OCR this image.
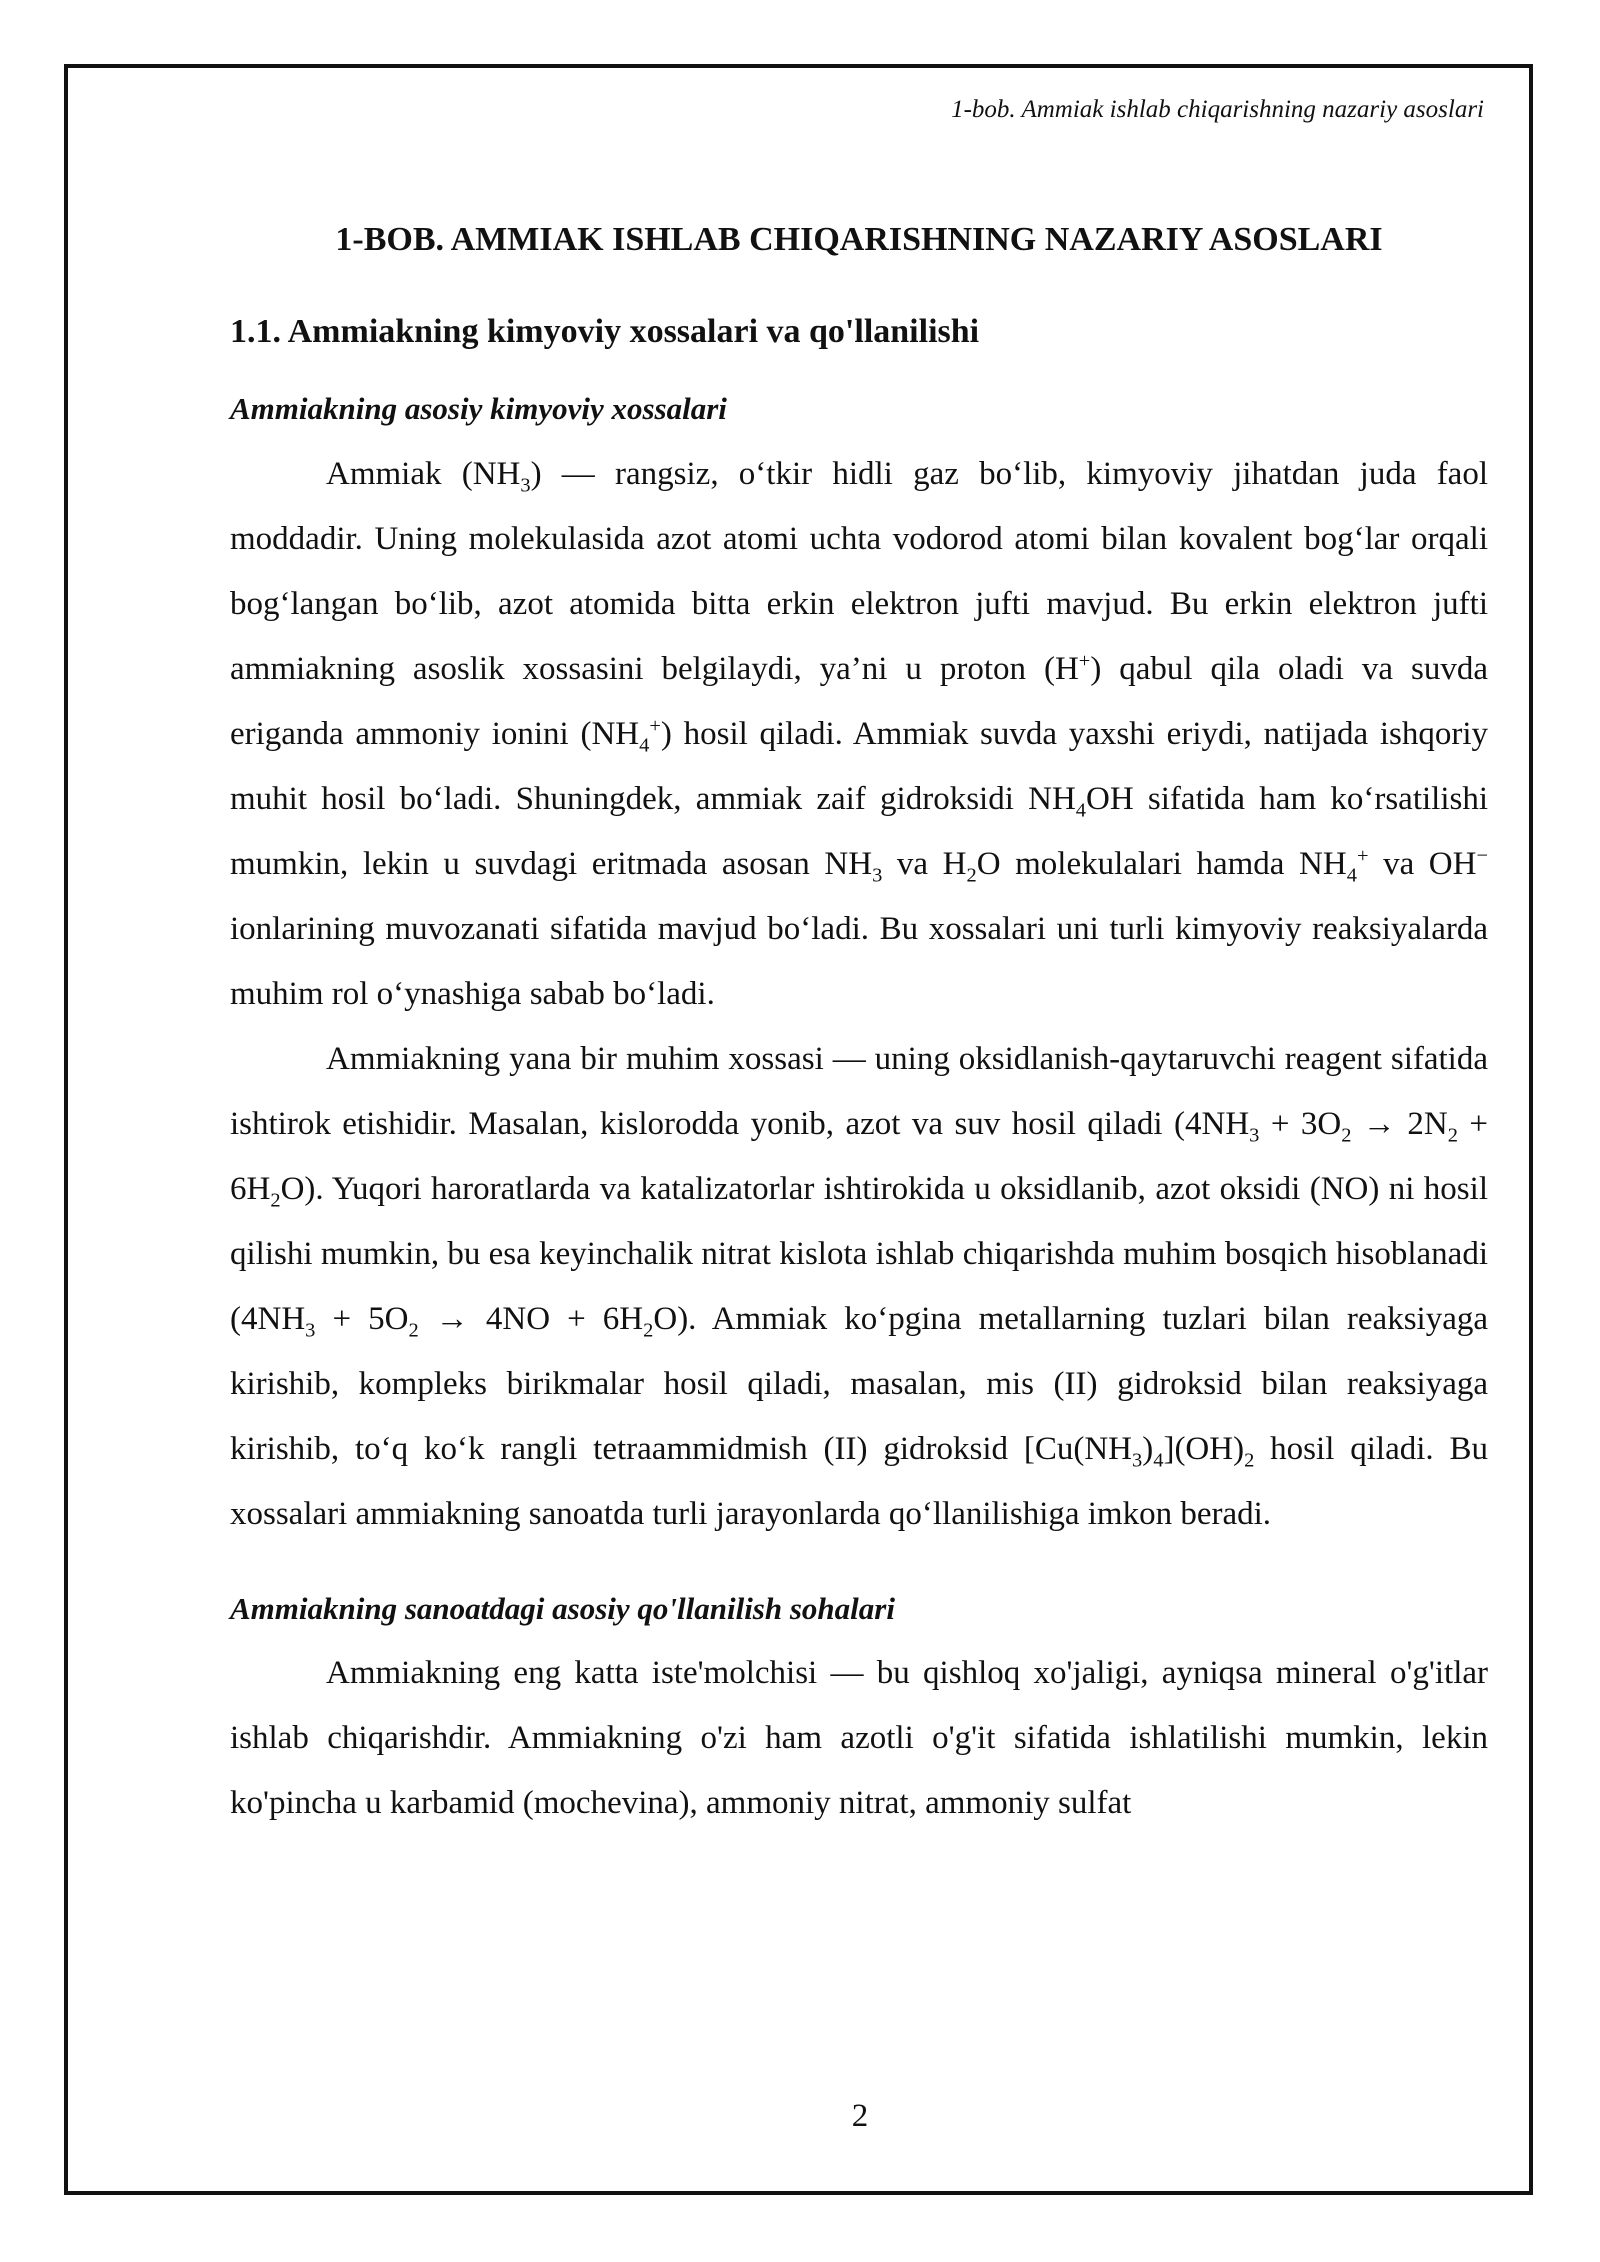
1-bob. Ammiak ishlab chiqarishning nazariy asoslari
1-BOB. AMMIAK ISHLAB CHIQARISHNING NAZARIY ASOSLARI
1.1. Ammiakning kimyoviy xossalari va qo'llanilishi
Ammiakning asosiy kimyoviy xossalari

Ammiak $(NH_3)$ — rangsiz, o‘tkir hidli gaz bo‘lib, kimyoviy jihatdan juda faol moddadir. Uning molekulasida azot atomi uchta vodorod atomi bilan kovalent bog‘lar orqali bog‘langan bo‘lib, azot atomida bitta erkin elektron jufti mavjud. Bu erkin elektron jufti ammiakning asoslik xossasini belgilaydi, ya’ni u proton (H+) qabul qila oladi va suvda eriganda ammoniy ionini $(NH_4^+)$ hosil qiladi. Ammiak suvda yaxshi eriydi, natijada ishqoriy muhit hosil bo‘ladi. Shuningdek, ammiak zaif gidroksidi $NH_4OH$ sifatida ham ko‘rsatilishi mumkin, lekin u suvdagi eritmada asosan $NH_3$ va $H_2O$ molekulalari hamda $NH_4^+$ va OH− ionlarining muvozanati sifatida mavjud bo‘ladi. Bu xossalari uni turli kimyoviy reaksiyalarda muhim rol o‘ynashiga sabab bo‘ladi.

Ammiakning yana bir muhim xossasi — uning oksidlanish-qaytaruvchi reagent sifatida ishtirok etishidir. Masalan, kislorodda yonib, azot va suv hosil qiladi $(4NH_3 + 3O_2 \to 2N_2 + 6H_2O)$. Yuqori haroratlarda va katalizatorlar ishtirokida u oksidlanib, azot oksidi (NO) ni hosil qilishi mumkin, bu esa keyinchalik nitrat kislota ishlab chiqarishda muhim bosqich hisoblanadi $(4NH_3 + 5O_2 \to 4NO + 6H_2O)$. Ammiak ko‘pgina metallarning tuzlari bilan reaksiyaga kirishib, kompleks birikmalar hosil qiladi, masalan, mis (II) gidroksid bilan reaksiyaga kirishib, to‘q ko‘k rangli tetraammidmish (II) gidroksid $[Cu(NH_3)_4](OH)_2$ hosil qiladi. Bu xossalari ammiakning sanoatda turli jarayonlarda qo‘llanilishiga imkon beradi.

Ammiakning sanoatdagi asosiy qo'llanilish sohalari

Ammiakning eng katta iste'molchisi — bu qishloq xo'jaligi, ayniqsa mineral o'g'itlar ishlab chiqarishdir. Ammiakning o'zi ham azotli o'g'it sifatida ishlatilishi mumkin, lekin ko'pincha u karbamid (mochevina), ammoniy nitrat, ammoniy sulfat

2
